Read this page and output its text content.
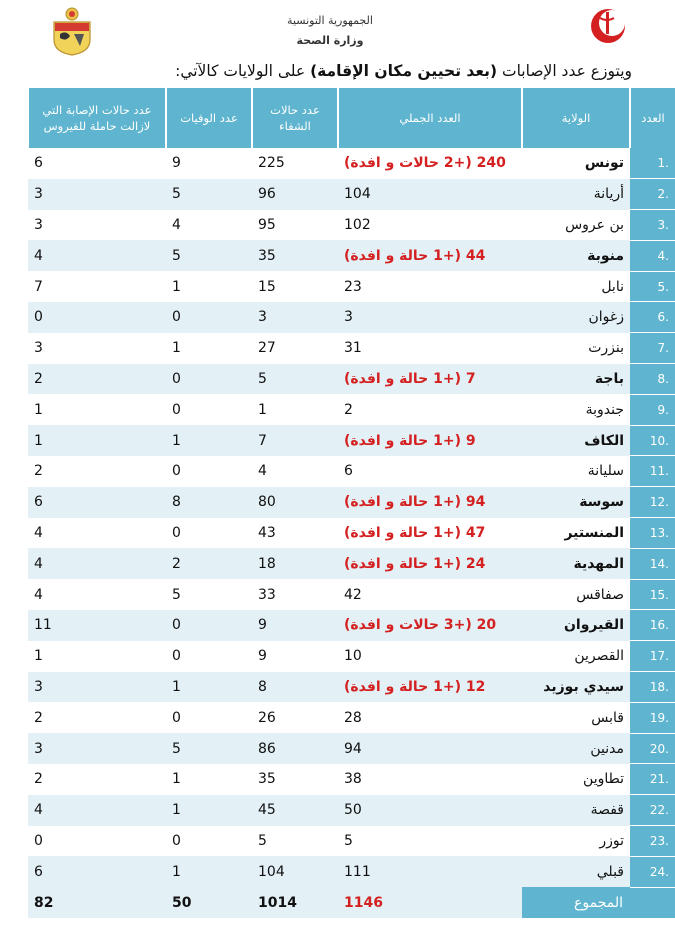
الجمهورية التونسية
وزارة الصحة
ويتوزع عدد الإصابات (بعد تحيين مكان الإقامة) على الولايات كالآتي:
العدد	الولاية	العدد الجملي	عدد حالات الشفاء	عدد الوفيات	عدد حالات الإصابة التي لازالت حاملة للفيروس
.1	تونس	240 (+2 حالات و افدة)	225	9	6
.2	أريانة	104	96	5	3
.3	بن عروس	102	95	4	3
.4	منوبة	44 (+1 حالة و افدة)	35	5	4
.5	نابل	23	15	1	7
.6	زغوان	3	3	0	0
.7	بنزرت	31	27	1	3
.8	باجة	7 (+1 حالة و افدة)	5	0	2
.9	جندوبة	2	1	0	1
.10	الكاف	9 (+1 حالة و افدة)	7	1	1
.11	سليانة	6	4	0	2
.12	سوسة	94 (+1 حالة و افدة)	80	8	6
.13	المنستير	47 (+1 حالة و افدة)	43	0	4
.14	المهدية	24 (+1 حالة و افدة)	18	2	4
.15	صفاقس	42	33	5	4
.16	القيروان	20 (+3 حالات و افدة)	9	0	11
.17	القصرين	10	9	0	1
.18	سيدي بوزيد	12 (+1 حالة و افدة)	8	1	3
.19	قابس	28	26	0	2
.20	مدنين	94	86	5	3
.21	تطاوين	38	35	1	2
.22	قفصة	50	45	1	4
.23	توزر	5	5	0	0
.24	قبلي	111	104	1	6
المجموع		1146	1014	50	82
